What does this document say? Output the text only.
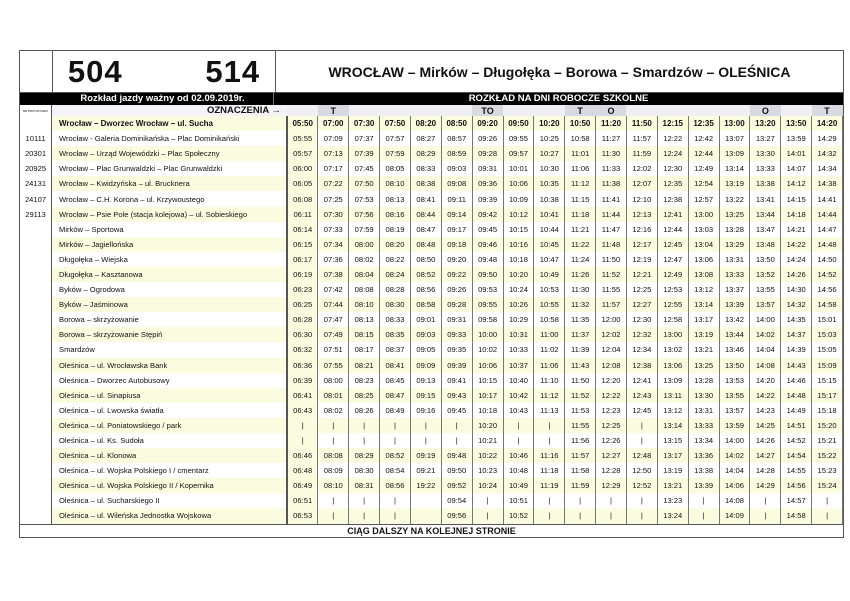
504   514	WROCŁAW – Mirków – Długołęka – Borowa – Smardzów – OLEŚNICA
Rozkład jazdy ważny od 02.09.2019r.	ROZKŁAD NA DNI ROBOCZE SZKOLNE
NR PRZYSTANKU	OZNACZENIA →		T					TO			T	O					O		T
	Wrocław – Dworzec Wrocław – ul. Sucha	05:50	07:00	07:30	07:50	08:20	08:50	09:20	09:50	10:20	10:50	11:20	11:50	12:15	12:35	13:00	13:20	13:50	14:20
10111	Wrocław - Galeria Dominikańska – Plac Dominikański	05:55	07:09	07:37	07:57	08:27	08:57	09:26	09:55	10:25	10:58	11:27	11:57	12:22	12:42	13:07	13:27	13:59	14:29
20301	Wrocław – Urząd Wojewódzki – Plac Społeczny	05:57	07:13	07:39	07:59	08:29	08:59	09:28	09:57	10:27	11:01	11:30	11:59	12:24	12:44	13:09	13:30	14:01	14:32
20925	Wrocław – Plac Grunwaldzki – Plac Grunwaldzki	06:00	07:17	07:45	08:05	08:33	09:03	09:31	10:01	10:30	11:06	11:33	12:02	12:30	12:49	13:14	13:33	14:07	14:34
24131	Wrocław – Kwidzyńska – ul. Brucknera	06:05	07:22	07:50	08:10	08:38	09:08	09:36	10:06	10:35	11:12	11:38	12:07	12:35	12:54	13:19	13:38	14:12	14:38
24107	Wrocław – C.H. Korona – ul. Krzywoustego	06:08	07:25	07:53	08:13	08:41	09:11	09:39	10:09	10:38	11:15	11:41	12:10	12:38	12:57	13:22	13:41	14:15	14:41
29113	Wrocław – Psie Pole (stacja kolejowa) – ul. Sobieskiego	06:11	07:30	07:56	08:16	08:44	09:14	09:42	10:12	10:41	11:18	11:44	12:13	12:41	13:00	13:25	13:44	14:18	14:44
	Mirków – Sportowa	06:14	07:33	07:59	08:19	08:47	09:17	09:45	10:15	10:44	11:21	11:47	12:16	12:44	13:03	13:28	13:47	14:21	14:47
	Mirków – Jagiellońska	06:15	07:34	08:00	08:20	08:48	09:18	09:46	10:16	10:45	11:22	11:48	12:17	12:45	13:04	13:29	13:48	14:22	14:48
	Długołęka – Wiejska	06:17	07:36	08:02	08:22	08:50	09:20	09:48	10:18	10:47	11:24	11:50	12:19	12:47	13:06	13:31	13:50	14:24	14:50
	Długołęka – Kasztanowa	06:19	07:38	08:04	08:24	08:52	09:22	09:50	10:20	10:49	11:26	11:52	12:21	12:49	13:08	13:33	13:52	14:26	14:52
	Byków – Ogrodowa	06:23	07:42	08:08	08:28	08:56	09:26	09:53	10:24	10:53	11:30	11:55	12:25	12:53	13:12	13:37	13:55	14:30	14:56
	Byków – Jaśminowa	06:25	07:44	08:10	08:30	08:58	09:28	09:55	10:26	10:55	11:32	11:57	12:27	12:55	13:14	13:39	13:57	14:32	14:58
	Borowa – skrzyżowanie	06:28	07:47	08:13	08:33	09:01	09:31	09:58	10:29	10:58	11:35	12:00	12:30	12:58	13:17	13:42	14:00	14:35	15:01
	Borowa – skrzyżowanie Stępiń	06:30	07:49	08:15	08:35	09:03	09:33	10:00	10:31	11:00	11:37	12:02	12:32	13:00	13:19	13:44	14:02	14:37	15:03
	Smardzów	06:32	07:51	08:17	08:37	09:05	09:35	10:02	10:33	11:02	11:39	12:04	12:34	13:02	13:21	13:46	14:04	14:39	15:05
	Oleśnica – ul. Wrocławska Bank	06:36	07:55	08:21	08:41	09:09	09:39	10:06	10:37	11:06	11:43	12:08	12:38	13:06	13:25	13:50	14:08	14:43	15:09
	Oleśnica – Dworzec Autobusowy	06:39	08:00	08:23	08:45	09:13	09:41	10:15	10:40	11:10	11:50	12:20	12:41	13:09	13:28	13:53	14:20	14:46	15:15
	Oleśnica – ul. Sinapiusa	06:41	08:01	08:25	08:47	09:15	09:43	10:17	10:42	11:12	11:52	12:22	12:43	13:11	13:30	13:55	14:22	14:48	15:17
	Oleśnica – ul. Lwowska światła	06:43	08:02	08:26	08:49	09:16	09:45	10:18	10:43	11:13	11:53	12:23	12:45	13:12	13:31	13:57	14:23	14:49	15:18
	Oleśnica – ul. Poniatowskiego / park	|	|	|	|	|	|	10:20	|	|	11:55	12:25	|	13:14	13:33	13:59	14:25	14:51	15:20
	Oleśnica – ul. Ks. Sudoła	|	|	|	|	|	|	10:21	|	|	11:56	12:26	|	13:15	13:34	14:00	14:26	14:52	15:21
	Oleśnica – ul. Klonowa	06:46	08:08	08:29	08:52	09:19	09:48	10:22	10:46	11:16	11:57	12:27	12:48	13:17	13:36	14:02	14:27	14:54	15:22
	Oleśnica – ul. Wojska Polskiego I / cmentarz	06:48	08:09	08:30	08:54	09:21	09:50	10:23	10:48	11:18	11:58	12:28	12:50	13:19	13:38	14:04	14:28	14:55	15:23
	Oleśnica – ul. Wojska Polskiego II / Kopernika	06:49	08:10	08:31	08:56	19:22	09:52	10:24	10:49	11:19	11:59	12:29	12:52	13:21	13:39	14:06	14:29	14:56	15:24
	Oleśnica – ul. Sucharskiego II	06:51	|	|	|		09:54	|	10:51	|	|	|	|	13:23	|	14:08	|	14:57	|
	Oleśnica – ul. Wileńska Jednostka Wojskowa	06:53	|	|	|		09:56	|	10:52	|	|	|	|	13:24	|	14:09	|	14:58	|
CIĄG DALSZY NA KOLEJNEJ STRONIE
